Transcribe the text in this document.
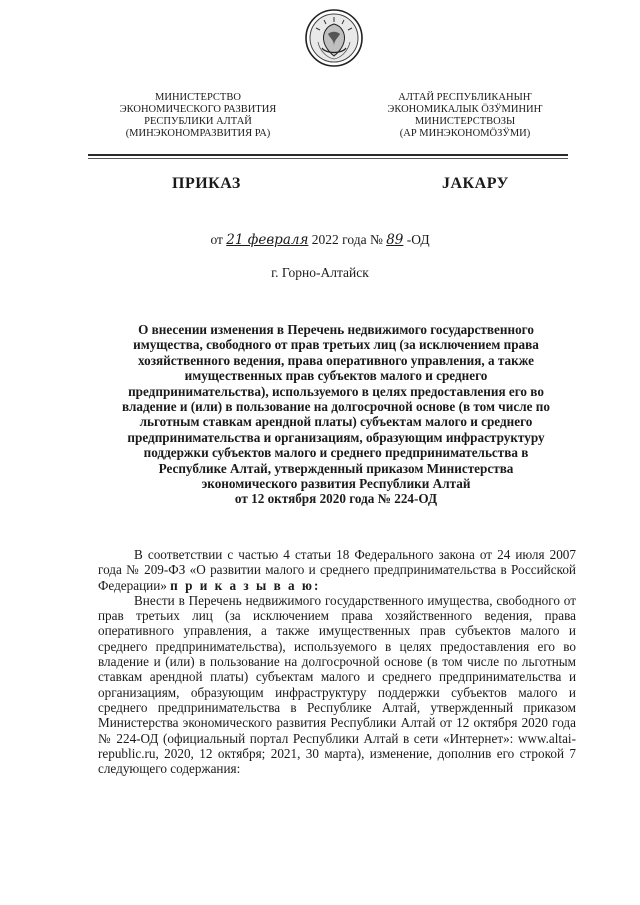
МИНИСТЕРСТВО
ЭКОНОМИЧЕСКОГО РАЗВИТИЯ
РЕСПУБЛИКИ АЛТАЙ
(МИНЭКОНОМРАЗВИТИЯ РА)
АЛТАЙ РЕСПУБЛИКАНЫҤ
ЭКОНОМИКАЛЫК ÖЗӰМИНИҤ
МИНИСТЕРСТВОЗЫ
(АР МИНЭКОНОМÖЗӰМИ)
ПРИКАЗ	JАКАРУ
от 21 февраля 2022 года № 89 -ОД
г. Горно-Алтайск
О внесении изменения в Перечень недвижимого государственного
имущества, свободного от прав третьих лиц (за исключением права
хозяйственного ведения, права оперативного управления, а также
имущественных прав субъектов малого и среднего
предпринимательства), используемого в целях предоставления его во
владение и (или) в пользование на долгосрочной основе (в том числе по
льготным ставкам арендной платы) субъектам малого и среднего
предпринимательства и организациям, образующим инфраструктуру
поддержки субъектов малого и среднего предпринимательства в
Республике Алтай, утвержденный приказом Министерства
экономического развития Республики Алтай
от 12 октября 2020 года № 224-ОД

В соответствии с частью 4 статьи 18 Федерального закона от 24 июля 2007 года № 209-ФЗ «О развитии малого и среднего предпринимательства в Российской Федерации» п р и к а з ы в а ю:

Внести в Перечень недвижимого государственного имущества, свободного от прав третьих лиц (за исключением права хозяйственного ведения, права оперативного управления, а также имущественных прав субъектов малого и среднего предпринимательства), используемого в целях предоставления его во владение и (или) в пользование на долгосрочной основе (в том числе по льготным ставкам арендной платы) субъектам малого и среднего предпринимательства и организациям, образующим инфраструктуру поддержки субъектов малого и среднего предпринимательства в Республике Алтай, утвержденный приказом Министерства экономического развития Республики Алтай от 12 октября 2020 года № 224-ОД (официальный портал Республики Алтай в сети «Интернет»: www.altai-republic.ru, 2020, 12 октября; 2021, 30 марта), изменение, дополнив его строкой 7 следующего содержания:
